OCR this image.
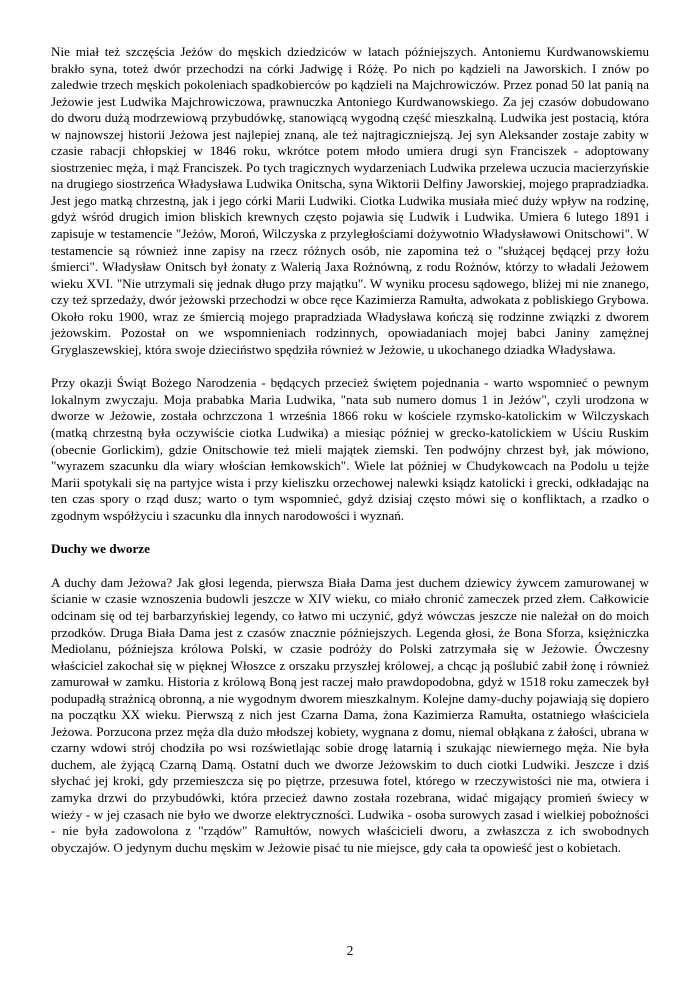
Nie miał też szczęścia Jeżów do męskich dziedziców w latach późniejszych. Antoniemu Kurdwanowskiemu brakło syna, toteż dwór przechodzi na córki Jadwigę i Różę. Po nich po kądzieli na Jaworskich. I znów po zaledwie trzech męskich pokoleniach spadkobierców po kądzieli na Majchrowiczów. Przez ponad 50 lat panią na Jeżowie jest Ludwika Majchrowiczowa, prawnuczka Antoniego Kurdwanowskiego. Za jej czasów dobudowano do dworu dużą modrzewiową przybudówkę, stanowiącą wygodną część mieszkalną. Ludwika jest postacią, która w najnowszej historii Jeżowa jest najlepiej znaną, ale też najtragiczniejszą. Jej syn Aleksander zostaje zabity w czasie rabacji chłopskiej w 1846 roku, wkrótce potem młodo umiera drugi syn Franciszek - adoptowany siostrzeniec męża, i mąż Franciszek. Po tych tragicznych wydarzeniach Ludwika przelewa uczucia macierzyńskie na drugiego siostrzeńca Władysława Ludwika Onitscha, syna Wiktorii Delfiny Jaworskiej, mojego prapradziadka. Jest jego matką chrzestną, jak i jego córki Marii Ludwiki. Ciotka Ludwika musiała mieć duży wpływ na rodzinę, gdyż wśród drugich imion bliskich krewnych często pojawia się Ludwik i Ludwika. Umiera 6 lutego 1891 i zapisuje w testamencie "Jeżów, Moroń, Wilczyska z przyległościami dożywotnio Władysławowi Onitschowi". W testamencie są również inne zapisy na rzecz różnych osób, nie zapomina też o "służącej będącej przy łożu śmierci". Władysław Onitsch był żonaty z Walerią Jaxa Rożnówną, z rodu Rożnów, którzy to władali Jeżowem wieku XVI. "Nie utrzymali się jednak długo przy majątku". W wyniku procesu sądowego, bliżej mi nie znanego, czy też sprzedaży, dwór jeżowski przechodzi w obce ręce Kazimierza Ramułta, adwokata z pobliskiego Grybowa. Około roku 1900, wraz ze śmiercią mojego prapradziada Władysława kończą się rodzinne związki z dworem jeżowskim. Pozostał on we wspomnieniach rodzinnych, opowiadaniach mojej babci Janiny zamężnej Gryglaszewskiej, która swoje dzieciństwo spędziła również w Jeżowie, u ukochanego dziadka Władysława.

Przy okazji Świąt Bożego Narodzenia - będących przecież świętem pojednania - warto wspomnieć o pewnym lokalnym zwyczaju. Moja prababka Maria Ludwika, "nata sub numero domus 1 in Jeżów", czyli urodzona w dworze w Jeżowie, została ochrzczona 1 września 1866 roku w kościele rzymsko-katolickim w Wilczyskach (matką chrzestną była oczywiście ciotka Ludwika) a miesiąc później w grecko-katolickiem w Uściu Ruskim (obecnie Gorlickim), gdzie Onitschowie też mieli majątek ziemski. Ten podwójny chrzest był, jak mówiono, "wyrazem szacunku dla wiary włościan łemkowskich". Wiele lat później w Chudykowcach na Podolu u tejże Marii spotykali się na partyjce wista i przy kieliszku orzechowej nalewki ksiądz katolicki i grecki, odkładając na ten czas spory o rząd dusz; warto o tym wspomnieć, gdyż dzisiaj często mówi się o konfliktach, a rzadko o zgodnym współżyciu i szacunku dla innych narodowości i wyznań.

Duchy we dworze

A duchy dam Jeżowa? Jak głosi legenda, pierwsza Biała Dama jest duchem dziewicy żywcem zamurowanej w ścianie w czasie wznoszenia budowli jeszcze w XIV wieku, co miało chronić zameczek przed złem. Całkowicie odcinam się od tej barbarzyńskiej legendy, co łatwo mi uczynić, gdyż wówczas jeszcze nie należał on do moich przodków. Druga Biała Dama jest z czasów znacznie późniejszych. Legenda głosi, że Bona Sforza, księżniczka Mediolanu, późniejsza królowa Polski, w czasie podróży do Polski zatrzymała się w Jeżowie. Ówczesny właściciel zakochał się w pięknej Włoszce z orszaku przyszłej królowej, a chcąc ją poślubić zabił żonę i również zamurował w zamku. Historia z królową Boną jest raczej mało prawdopodobna, gdyż w 1518 roku zameczek był podupadłą strażnicą obronną, a nie wygodnym dworem mieszkalnym. Kolejne damy-duchy pojawiają się dopiero na początku XX wieku. Pierwszą z nich jest Czarna Dama, żona Kazimierza Ramułta, ostatniego właściciela Jeżowa. Porzucona przez męża dla dużo młodszej kobiety, wygnana z domu, niemal obłąkana z żałości, ubrana w czarny wdowi strój chodziła po wsi rozświetlając sobie drogę latarnią i szukając niewiernego męża. Nie była duchem, ale żyjącą Czarną Damą. Ostatni duch we dworze Jeżowskim to duch ciotki Ludwiki. Jeszcze i dziś słychać jej kroki, gdy przemieszcza się po piętrze, przesuwa fotel, którego w rzeczywistości nie ma, otwiera i zamyka drzwi do przybudówki, która przecież dawno została rozebrana, widać migający promień świecy w wieży - w jej czasach nie było we dworze elektryczności. Ludwika - osoba surowych zasad i wielkiej pobożności - nie była zadowolona z "rządów" Ramułtów, nowych właścicieli dworu, a zwłaszcza z ich swobodnych obyczajów. O jedynym duchu męskim w Jeżowie pisać tu nie miejsce, gdy cała ta opowieść jest o kobietach.

2
